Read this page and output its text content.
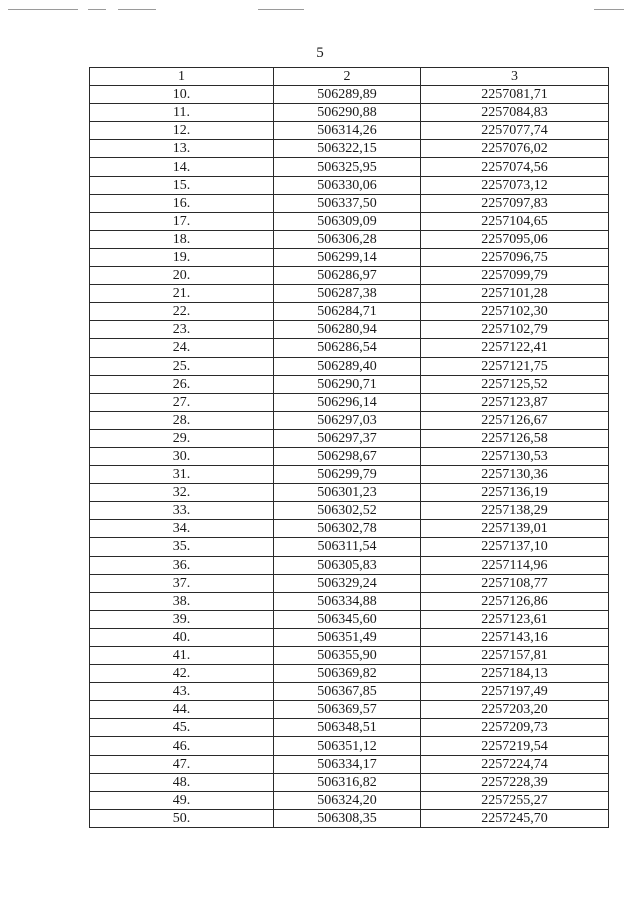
5
1	2	3
10.	506289,89	2257081,71
11.	506290,88	2257084,83
12.	506314,26	2257077,74
13.	506322,15	2257076,02
14.	506325,95	2257074,56
15.	506330,06	2257073,12
16.	506337,50	2257097,83
17.	506309,09	2257104,65
18.	506306,28	2257095,06
19.	506299,14	2257096,75
20.	506286,97	2257099,79
21.	506287,38	2257101,28
22.	506284,71	2257102,30
23.	506280,94	2257102,79
24.	506286,54	2257122,41
25.	506289,40	2257121,75
26.	506290,71	2257125,52
27.	506296,14	2257123,87
28.	506297,03	2257126,67
29.	506297,37	2257126,58
30.	506298,67	2257130,53
31.	506299,79	2257130,36
32.	506301,23	2257136,19
33.	506302,52	2257138,29
34.	506302,78	2257139,01
35.	506311,54	2257137,10
36.	506305,83	2257114,96
37.	506329,24	2257108,77
38.	506334,88	2257126,86
39.	506345,60	2257123,61
40.	506351,49	2257143,16
41.	506355,90	2257157,81
42.	506369,82	2257184,13
43.	506367,85	2257197,49
44.	506369,57	2257203,20
45.	506348,51	2257209,73
46.	506351,12	2257219,54
47.	506334,17	2257224,74
48.	506316,82	2257228,39
49.	506324,20	2257255,27
50.	506308,35	2257245,70
